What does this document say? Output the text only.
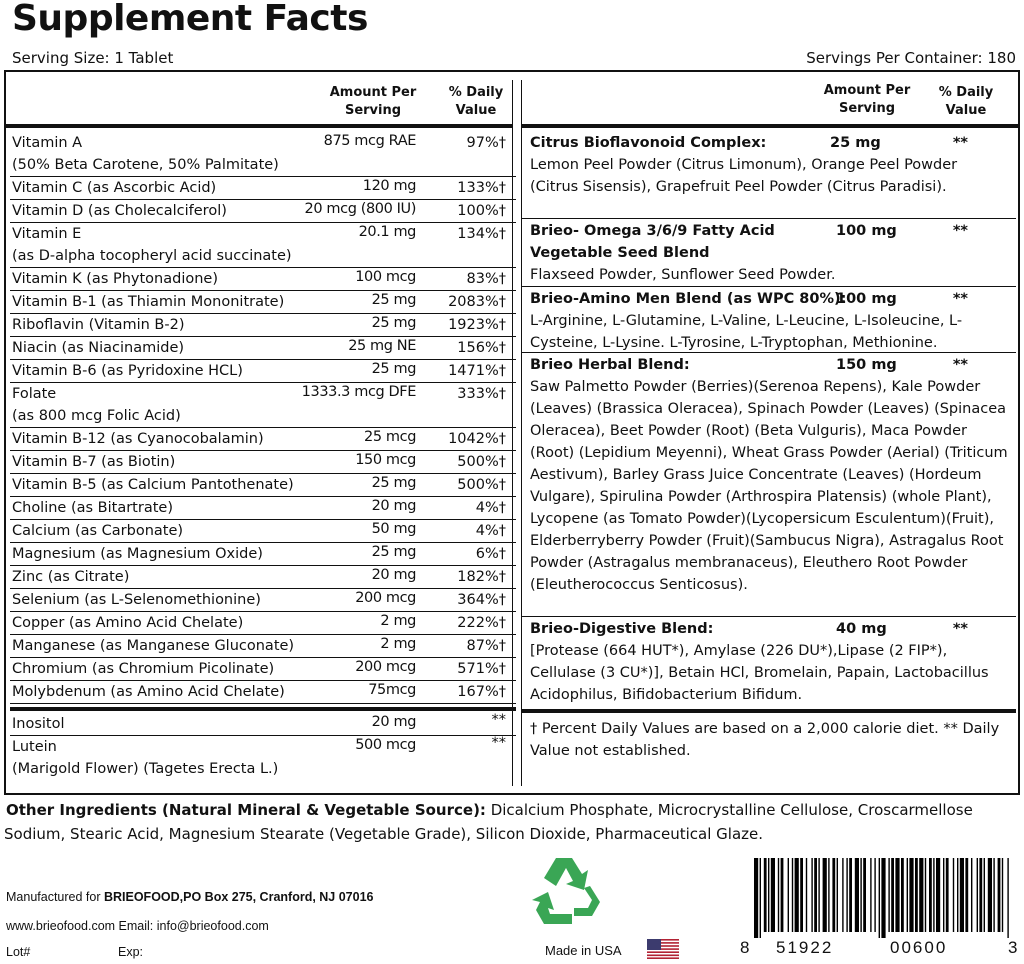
Supplement Facts
Serving Size: 1 Tablet	Servings Per Container: 180
Amount Per
Serving
% Daily
Value
Amount Per
Serving
% Daily
Value
Vitamin A	875 mcg RAE	97%†
(50% Beta Carotene, 50% Palmitate)
Vitamin C (as Ascorbic Acid)	120 mg	133%†
Vitamin D (as Cholecalciferol)	20 mcg (800 IU)	100%†
Vitamin E	20.1 mg	134%†
(as D-alpha tocopheryl acid succinate)
Vitamin K (as Phytonadione)	100 mcg	83%†
Vitamin B-1 (as Thiamin Mononitrate)	25 mg 2083%†
Riboflavin (Vitamin B-2)	25 mg 1923%†
Niacin (as Niacinamide)	25 mg NE	156%†
Vitamin B-6 (as Pyridoxine HCL)	25 mg 1471%†
Folate	1333.3 mcg DFE	333%†
(as 800 mcg Folic Acid)
Vitamin B-12 (as Cyanocobalamin)	25 mcg 1042%†
Vitamin B-7 (as Biotin)	150 mcg	500%†
Vitamin B-5 (as Calcium Pantothenate)	25 mg	500%†
Choline (as Bitartrate)	20 mg	4%†
Calcium (as Carbonate)	50 mg	4%†
Magnesium (as Magnesium Oxide)	25 mg	6%†
Zinc (as Citrate)	20 mg	182%†
Selenium (as L-Selenomethionine)	200 mcg	364%†
Copper (as Amino Acid Chelate)	2 mg	222%†
Manganese (as Manganese Gluconate)	2 mg	87%†
Chromium (as Chromium Picolinate)	200 mcg	571%†
Molybdenum (as Amino Acid Chelate)	75mcg	167%†
Inositol	20 mg	**
Lutein	500 mcg	**
(Marigold Flower) (Tagetes Erecta L.)
Citrus Bioflavonoid Complex:	25 mg	**
Lemon Peel Powder (Citrus Limonum), Orange Peel Powder (Citrus Sisensis), Grapefruit Peel Powder (Citrus Paradisi).
Brieo- Omega 3/6/9 Fatty Acid Vegetable Seed Blend
100 mg	**
Flaxseed Powder, Sunflower Seed Powder.
Brieo-Amino Men Blend (as WPC 80%):
100 mg	**
L-Arginine, L-Glutamine, L-Valine, L-Leucine, L-Isoleucine, L-Cysteine, L-Lysine. L-Tyrosine, L-Tryptophan, Methionine.
Brieo Herbal Blend:	150 mg	**
Saw Palmetto Powder (Berries)(Serenoa Repens), Kale Powder (Leaves) (Brassica Oleracea), Spinach Powder (Leaves) (Spinacea Oleracea), Beet Powder (Root) (Beta Vulguris), Maca Powder (Root) (Lepidium Meyenni), Wheat Grass Powder (Aerial) (Triticum Aestivum), Barley Grass Juice Concentrate (Leaves) (Hordeum Vulgare), Spirulina Powder (Arthrospira Platensis) (whole Plant), Lycopene (as Tomato Powder)(Lycopersicum Esculentum)(Fruit), Elderberryberry Powder (Fruit)(Sambucus Nigra), Astragalus Root Powder (Astragalus membranaceus), Eleuthero Root Powder (Eleutherococcus Senticosus).
Brieo-Digestive Blend:	40 mg	**
[Protease (664 HUT*), Amylase (226 DU*),Lipase (2 FIP*), Cellulase (3 CU*)], Betain HCl, Bromelain, Papain, Lactobacillus Acidophilus, Bifidobacterium Bifidum.
† Percent Daily Values are based on a 2,000 calorie diet. ** Daily Value not established.
Other Ingredients (Natural Mineral & Vegetable Source): Dicalcium Phosphate, Microcrystalline Cellulose, Croscarmellose Sodium, Stearic Acid, Magnesium Stearate (Vegetable Grade), Silicon Dioxide, Pharmaceutical Glaze.
Manufactured for BRIEOFOOD,PO Box 275, Cranford, NJ 07016
www.brieofood.com Email: info@brieofood.com
Lot#	Exp:	Made in USA	8 51922	00600	3
